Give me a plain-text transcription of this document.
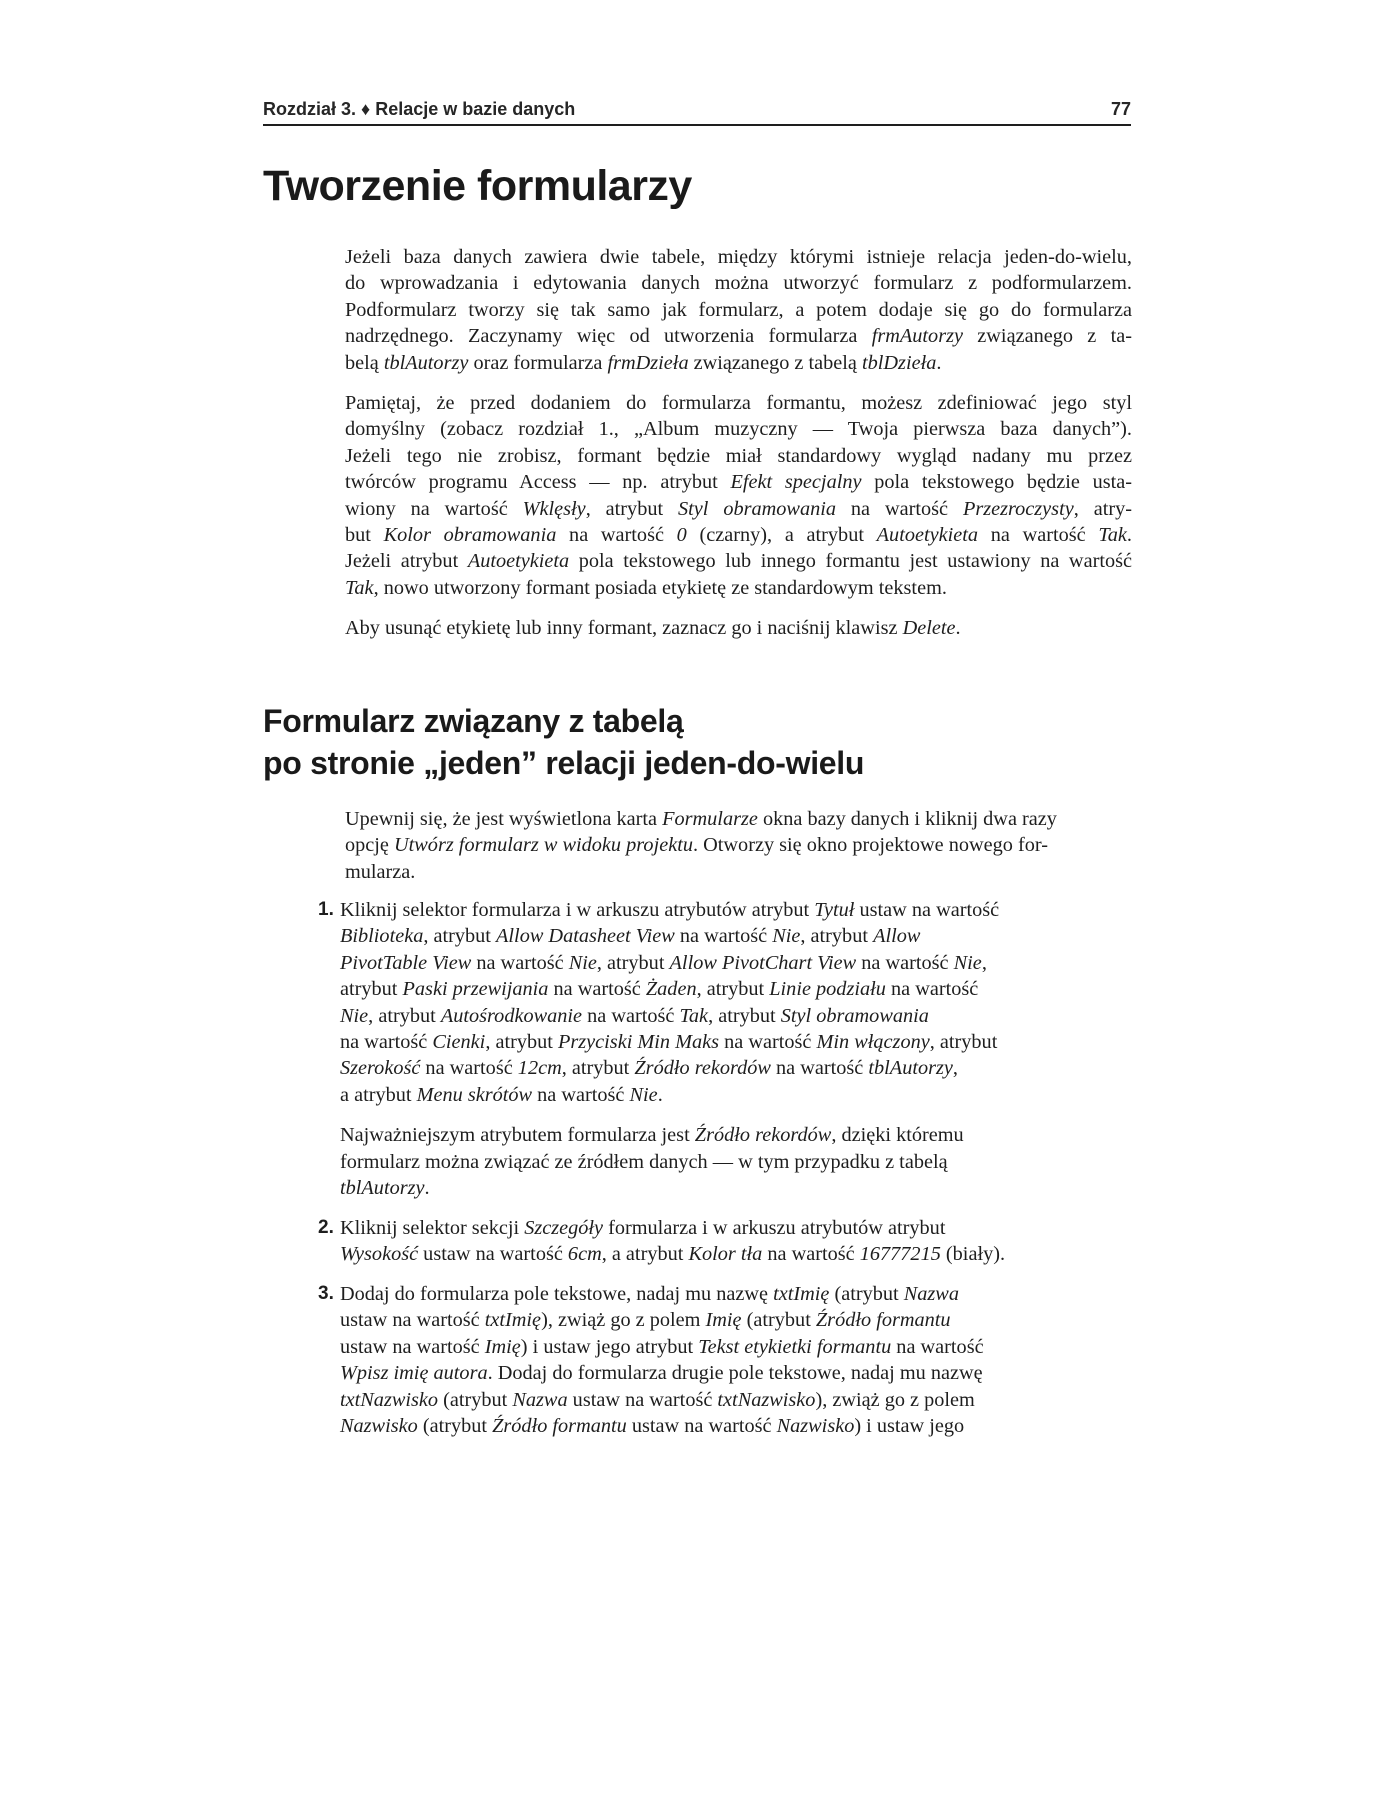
Rozdział 3. ♦ Relacje w bazie danych	77
Tworzenie formularzy

Jeżeli baza danych zawiera dwie tabele, między którymi istnieje relacja jeden-do-wielu,
do wprowadzania i edytowania danych można utworzyć formularz z podformularzem.
Podformularz tworzy się tak samo jak formularz, a potem dodaje się go do formularza
nadrzędnego. Zaczynamy więc od utworzenia formularza frmAutorzy związanego z ta-
belą tblAutorzy oraz formularza frmDzieła związanego z tabelą tblDzieła.

Pamiętaj, że przed dodaniem do formularza formantu, możesz zdefiniować jego styl
domyślny (zobacz rozdział 1., „Album muzyczny — Twoja pierwsza baza danych”).
Jeżeli tego nie zrobisz, formant będzie miał standardowy wygląd nadany mu przez
twórców programu Access — np. atrybut Efekt specjalny pola tekstowego będzie usta-
wiony na wartość Wklęsły, atrybut Styl obramowania na wartość Przezroczysty, atry-
but Kolor obramowania na wartość 0 (czarny), a atrybut Autoetykieta na wartość Tak.
Jeżeli atrybut Autoetykieta pola tekstowego lub innego formantu jest ustawiony na wartość
Tak, nowo utworzony formant posiada etykietę ze standardowym tekstem.

Aby usunąć etykietę lub inny formant, zaznacz go i naciśnij klawisz Delete.

Formularz związany z tabelą
po stronie „jeden” relacji jeden-do-wielu

Upewnij się, że jest wyświetlona karta Formularze okna bazy danych i kliknij dwa razy
opcję Utwórz formularz w widoku projektu. Otworzy się okno projektowe nowego for-
mularza.

1. Kliknij selektor formularza i w arkuszu atrybutów atrybut Tytuł ustaw na wartość
Biblioteka, atrybut Allow Datasheet View na wartość Nie, atrybut Allow
PivotTable View na wartość Nie, atrybut Allow PivotChart View na wartość Nie,
atrybut Paski przewijania na wartość Żaden, atrybut Linie podziału na wartość
Nie, atrybut Autośrodkowanie na wartość Tak, atrybut Styl obramowania
na wartość Cienki, atrybut Przyciski Min Maks na wartość Min włączony, atrybut
Szerokość na wartość 12cm, atrybut Źródło rekordów na wartość tblAutorzy,
a atrybut Menu skrótów na wartość Nie.

Najważniejszym atrybutem formularza jest Źródło rekordów, dzięki któremu
formularz można związać ze źródłem danych — w tym przypadku z tabelą
tblAutorzy.

2. Kliknij selektor sekcji Szczegóły formularza i w arkuszu atrybutów atrybut
Wysokość ustaw na wartość 6cm, a atrybut Kolor tła na wartość 16777215 (biały).

3. Dodaj do formularza pole tekstowe, nadaj mu nazwę txtImię (atrybut Nazwa
ustaw na wartość txtImię), zwiąż go z polem Imię (atrybut Źródło formantu
ustaw na wartość Imię) i ustaw jego atrybut Tekst etykietki formantu na wartość
Wpisz imię autora. Dodaj do formularza drugie pole tekstowe, nadaj mu nazwę
txtNazwisko (atrybut Nazwa ustaw na wartość txtNazwisko), zwiąż go z polem
Nazwisko (atrybut Źródło formantu ustaw na wartość Nazwisko) i ustaw jego
